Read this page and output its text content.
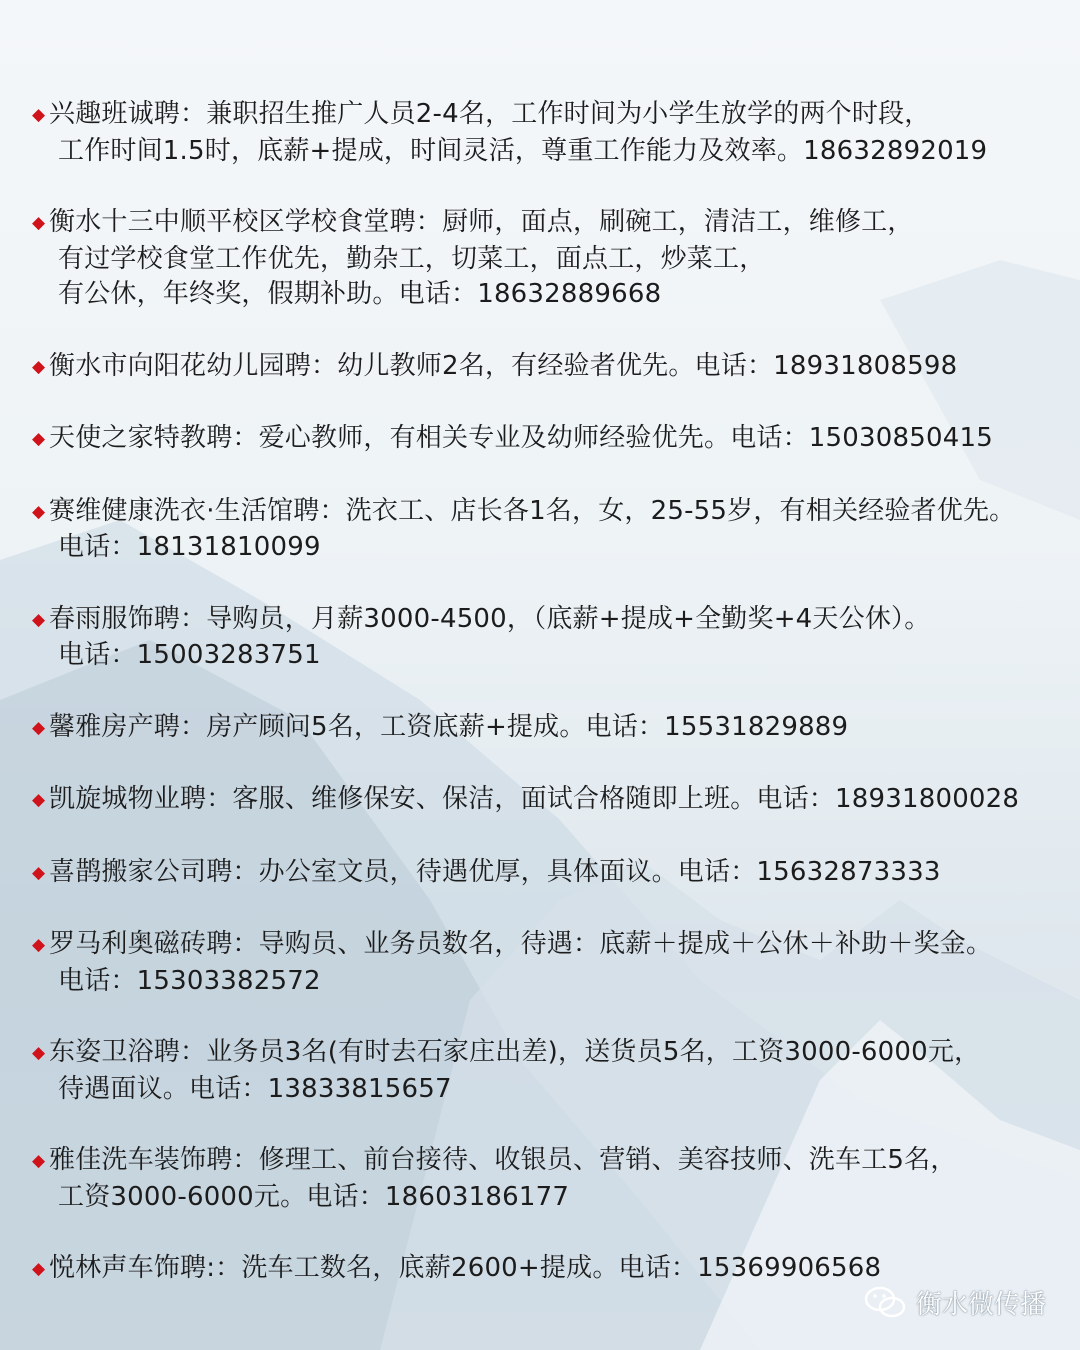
◆ 兴趣班诚聘：兼职招生推广人员2-4名，工作时间为小学生放学的两个时段，
工作时间1.5时，底薪+提成，时间灵活，尊重工作能力及效率。18632892019
◆ 衡水十三中顺平校区学校食堂聘：厨师，面点，刷碗工，清洁工，维修工，
有过学校食堂工作优先，勤杂工，切菜工，面点工，炒菜工，
有公休，年终奖，假期补助。电话：18632889668
◆ 衡水市向阳花幼儿园聘：幼儿教师2名，有经验者优先。电话：18931808598
◆ 天使之家特教聘：爱心教师，有相关专业及幼师经验优先。电话：15030850415
◆ 赛维健康洗衣·生活馆聘：洗衣工、店长各1名，女，25-55岁，有相关经验者优先。
电话：18131810099
◆ 春雨服饰聘：导购员，月薪3000-4500，（底薪+提成+全勤奖+4天公休）。
电话：15003283751
◆ 馨雅房产聘：房产顾问5名，工资底薪+提成。电话：15531829889
◆ 凯旋城物业聘：客服、维修保安、保洁，面试合格随即上班。电话：18931800028
◆ 喜鹊搬家公司聘：办公室文员，待遇优厚，具体面议。电话：15632873333
◆ 罗马利奥磁砖聘：导购员、业务员数名，待遇：底薪＋提成＋公休＋补助＋奖金。
电话：15303382572
◆ 东姿卫浴聘：业务员3名(有时去石家庄出差)，送货员5名，工资3000-6000元，
待遇面议。电话：13833815657
◆ 雅佳洗车装饰聘：修理工、前台接待、收银员、营销、美容技师、洗车工5名，
工资3000-6000元。电话：18603186177
◆ 悦林声车饰聘:：洗车工数名，底薪2600+提成。电话：15369906568
衡水微传播
